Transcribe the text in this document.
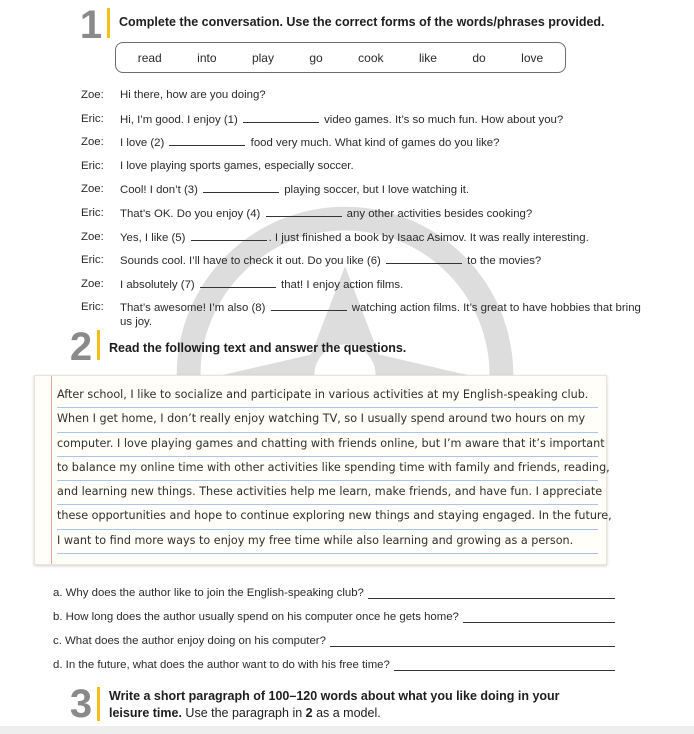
1 Complete the conversation. Use the correct forms of the words/phrases provided.
read	into	play	go	cook	like	do	love
Zoe:	Hi there, how are you doing?
Eric:	Hi, I’m good. I enjoy (1)	video games. It’s so much fun. How about you?
Zoe:	I love (2)	food very much. What kind of games do you like?
Eric:	I love playing sports games, especially soccer.
Zoe:	Cool! I don’t (3)	playing soccer, but I love watching it.
Eric:	That’s OK. Do you enjoy (4)	any other activities besides cooking?
Zoe:	Yes, I like (5)	. I just finished a book by Isaac Asimov. It was really interesting.
Eric:	Sounds cool. I’ll have to check it out. Do you like (6)	to the movies?
Zoe:	I absolutely (7)	that! I enjoy action films.
Eric:	That’s awesome! I’m also (8)	watching action films. It’s great to have hobbies that bring us joy.
2 Read the following text and answer the questions.
After school, I like to socialize and participate in various activities at my English-speaking club.
When I get home, I don’t really enjoy watching TV, so I usually spend around two hours on my
computer. I love playing games and chatting with friends online, but I’m aware that it’s important
to balance my online time with other activities like spending time with family and friends, reading,
and learning new things. These activities help me learn, make friends, and have fun. I appreciate
these opportunities and hope to continue exploring new things and staying engaged. In the future,
I want to find more ways to enjoy my free time while also learning and growing as a person.
a. Why does the author like to join the English-speaking club?
b. How long does the author usually spend on his computer once he gets home?
c. What does the author enjoy doing on his computer?
d. In the future, what does the author want to do with his free time?
3 Write a short paragraph of 100–120 words about what you like doing in your
leisure time. Use the paragraph in 2 as a model.
